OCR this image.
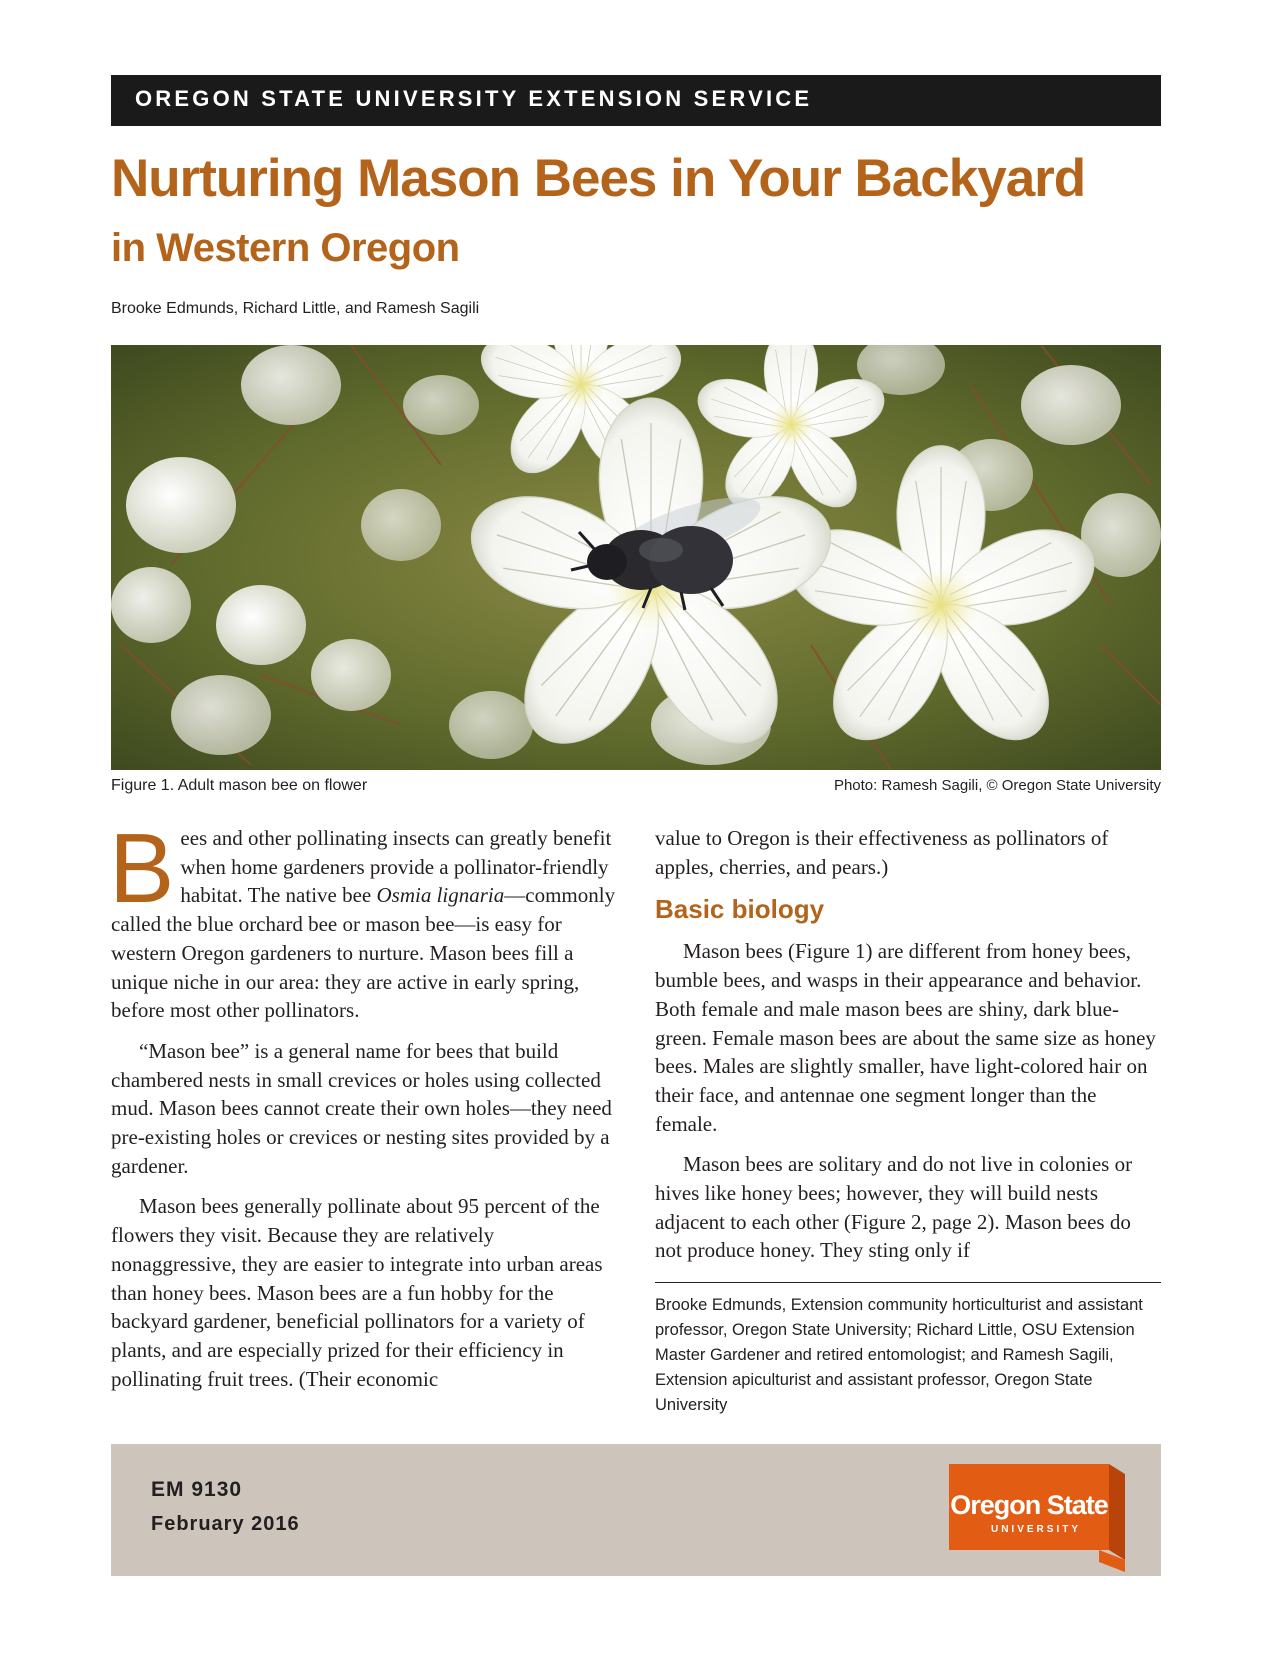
OREGON STATE UNIVERSITY EXTENSION SERVICE
Nurturing Mason Bees in Your Backyard
in Western Oregon
Brooke Edmunds, Richard Little, and Ramesh Sagili
Figure 1. Adult mason bee on flower	Photo: Ramesh Sagili, © Oregon State University

Bees and other pollinating insects can greatly benefit when home gardeners provide a pollinator-friendly habitat. The native bee Osmia lignaria—commonly called the blue orchard bee or mason bee—is easy for western Oregon gardeners to nurture. Mason bees fill a unique niche in our area: they are active in early spring, before most other pollinators.

“Mason bee” is a general name for bees that build chambered nests in small crevices or holes using collected mud. Mason bees cannot create their own holes—they need pre-existing holes or crevices or nesting sites provided by a gardener.

Mason bees generally pollinate about 95 percent of the flowers they visit. Because they are relatively nonaggressive, they are easier to integrate into urban areas than honey bees. Mason bees are a fun hobby for the backyard gardener, beneficial pollinators for a variety of plants, and are especially prized for their efficiency in pollinating fruit trees. (Their economic

value to Oregon is their effectiveness as pollinators of apples, cherries, and pears.)

Basic biology

Mason bees (Figure 1) are different from honey bees, bumble bees, and wasps in their appearance and behavior. Both female and male mason bees are shiny, dark blue-green. Female mason bees are about the same size as honey bees. Males are slightly smaller, have light-colored hair on their face, and antennae one segment longer than the female.

Mason bees are solitary and do not live in colonies or hives like honey bees; however, they will build nests adjacent to each other (Figure 2, page 2). Mason bees do not produce honey. They sting only if

Brooke Edmunds, Extension community horticulturist and assistant professor, Oregon State University; Richard Little, OSU Extension Master Gardener and retired entomologist; and Ramesh Sagili, Extension apiculturist and assistant professor, Oregon State University
EM 9130
February 2016
Oregon State
UNIVERSITY
